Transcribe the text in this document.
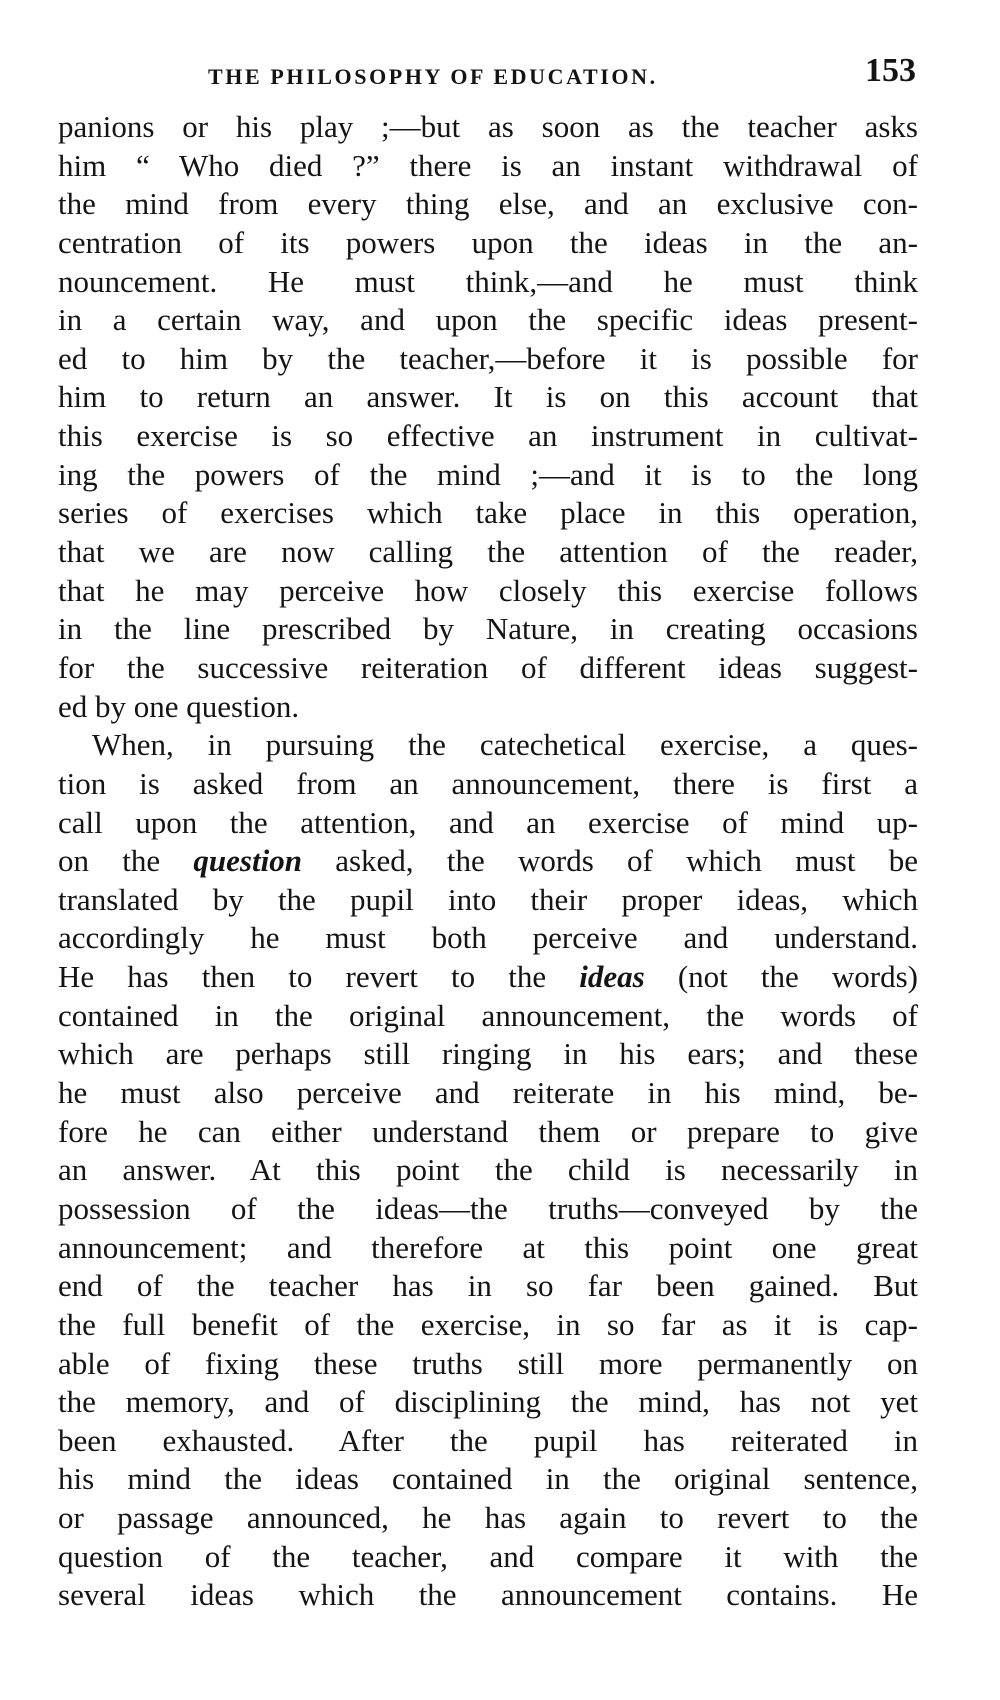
THE PHILOSOPHY OF EDUCATION.	153
panions or his play ;—but as soon as the teacher asks
him “ Who died ?” there is an instant withdrawal of
the mind from every thing else, and an exclusive con-
centration of its powers upon the ideas in the an-
nouncement. He must think,—and he must think
in a certain way, and upon the specific ideas present-
ed to him by the teacher,—before it is possible for
him to return an answer. It is on this account that
this exercise is so effective an instrument in cultivat-
ing the powers of the mind ;—and it is to the long
series of exercises which take place in this operation,
that we are now calling the attention of the reader,
that he may perceive how closely this exercise follows
in the line prescribed by Nature, in creating occasions
for the successive reiteration of different ideas suggest-
ed by one question.
When, in pursuing the catechetical exercise, a ques-
tion is asked from an announcement, there is first a
call upon the attention, and an exercise of mind up-
on the question asked, the words of which must be
translated by the pupil into their proper ideas, which
accordingly he must both perceive and understand.
He has then to revert to the ideas (not the words)
contained in the original announcement, the words of
which are perhaps still ringing in his ears; and these
he must also perceive and reiterate in his mind, be-
fore he can either understand them or prepare to give
an answer. At this point the child is necessarily in
possession of the ideas—the truths—conveyed by the
announcement; and therefore at this point one great
end of the teacher has in so far been gained. But
the full benefit of the exercise, in so far as it is cap-
able of fixing these truths still more permanently on
the memory, and of disciplining the mind, has not yet
been exhausted. After the pupil has reiterated in
his mind the ideas contained in the original sentence,
or passage announced, he has again to revert to the
question of the teacher, and compare it with the
several ideas which the announcement contains. He
